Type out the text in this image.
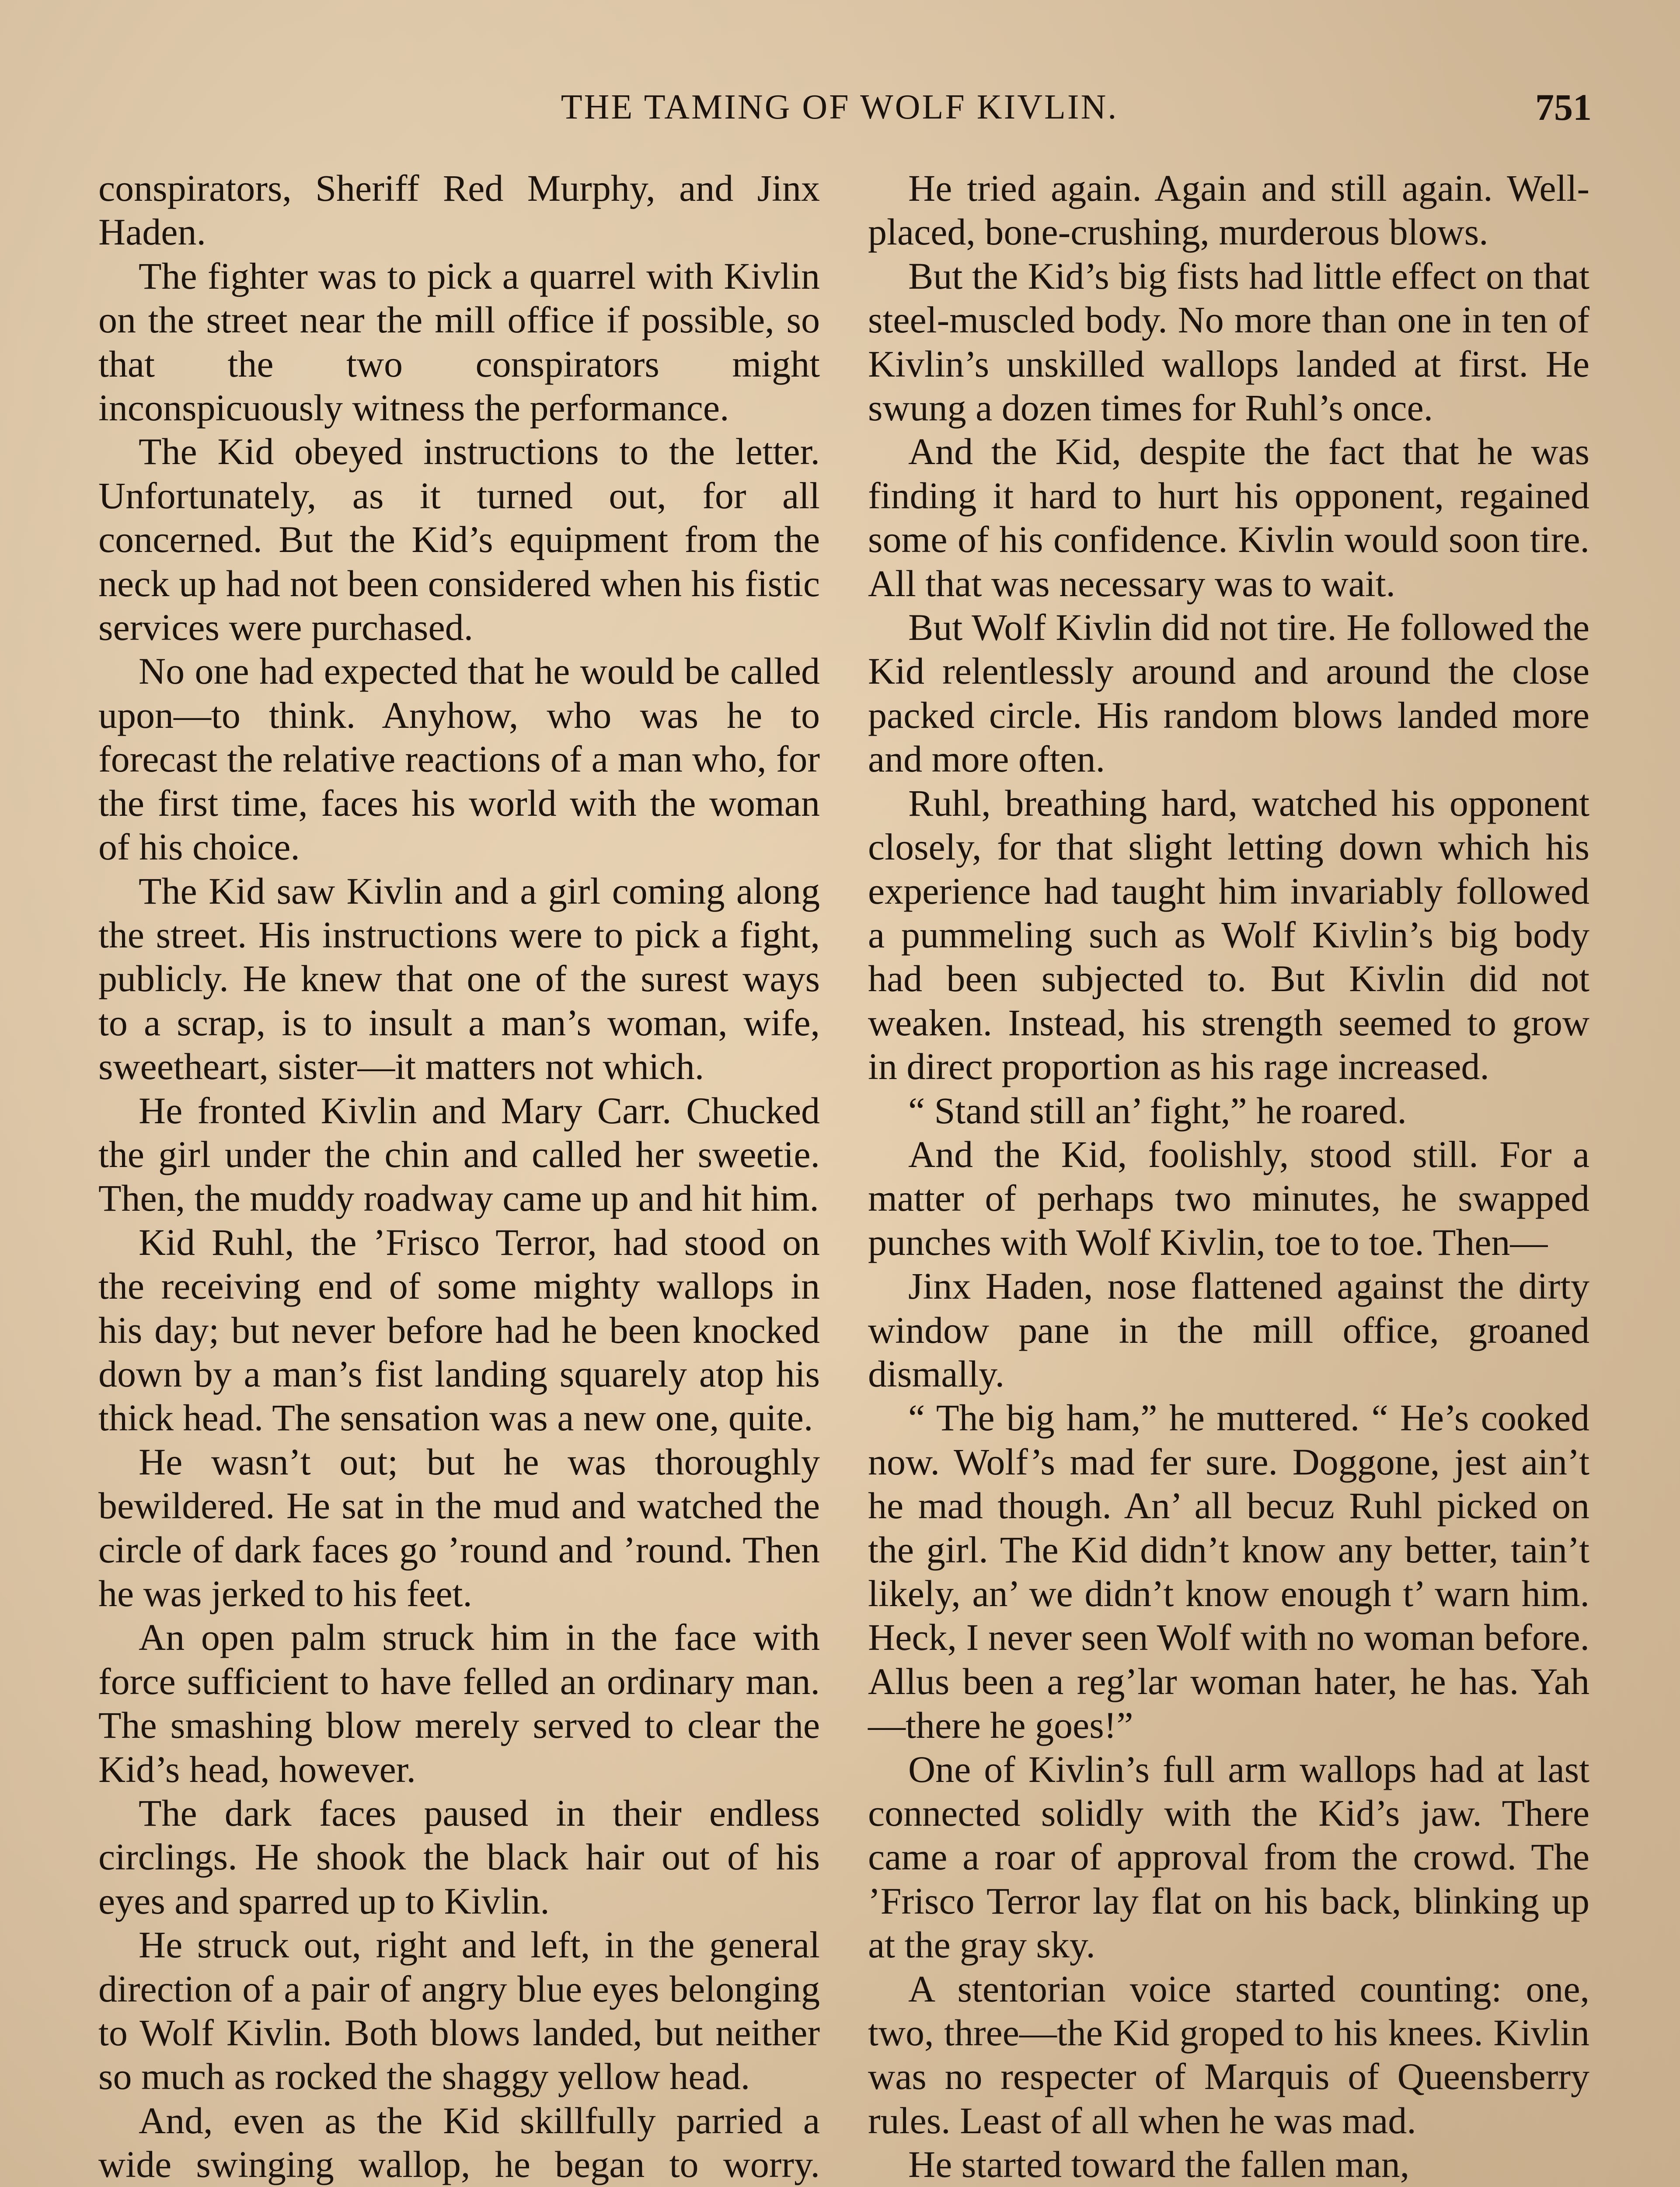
THE TAMING OF WOLF KIVLIN.	751

conspirators, Sheriff Red Murphy, and Jinx Haden.

The fighter was to pick a quarrel with Kivlin on the street near the mill office if possible, so that the two conspirators might inconspicuously witness the performance.

The Kid obeyed instructions to the letter. Unfortunately, as it turned out, for all concerned. But the Kid’s equipment from the neck up had not been considered when his fistic services were purchased.

No one had expected that he would be called upon—to think. Anyhow, who was he to forecast the relative reactions of a man who, for the first time, faces his world with the woman of his choice.

The Kid saw Kivlin and a girl coming along the street. His instructions were to pick a fight, publicly. He knew that one of the surest ways to a scrap, is to insult a man’s woman, wife, sweetheart, sister—it matters not which.

He fronted Kivlin and Mary Carr. Chucked the girl under the chin and called her sweetie. Then, the muddy roadway came up and hit him.

Kid Ruhl, the ’Frisco Terror, had stood on the receiving end of some mighty wallops in his day; but never before had he been knocked down by a man’s fist landing squarely atop his thick head. The sensation was a new one, quite.

He wasn’t out; but he was thoroughly bewildered. He sat in the mud and watched the circle of dark faces go ’round and ’round. Then he was jerked to his feet.

An open palm struck him in the face with force sufficient to have felled an ordinary man. The smashing blow merely served to clear the Kid’s head, however.

The dark faces paused in their endless circlings. He shook the black hair out of his eyes and sparred up to Kivlin.

He struck out, right and left, in the general direction of a pair of angry blue eyes belonging to Wolf Kivlin. Both blows landed, but neither so much as rocked the shaggy yellow head.

And, even as the Kid skillfully parried a wide swinging wallop, he began to worry.

He tried again. Again and still again. Well-placed, bone-crushing, murderous blows.

But the Kid’s big fists had little effect on that steel-muscled body. No more than one in ten of Kivlin’s unskilled wallops landed at first. He swung a dozen times for Ruhl’s once.

And the Kid, despite the fact that he was finding it hard to hurt his opponent, regained some of his confidence. Kivlin would soon tire. All that was necessary was to wait.

But Wolf Kivlin did not tire. He followed the Kid relentlessly around and around the close packed circle. His random blows landed more and more often.

Ruhl, breathing hard, watched his opponent closely, for that slight letting down which his experience had taught him invariably followed a pummeling such as Wolf Kivlin’s big body had been subjected to. But Kivlin did not weaken. Instead, his strength seemed to grow in direct proportion as his rage increased.

“ Stand still an’ fight,” he roared.

And the Kid, foolishly, stood still. For a matter of perhaps two minutes, he swapped punches with Wolf Kivlin, toe to toe. Then—

Jinx Haden, nose flattened against the dirty window pane in the mill office, groaned dismally.

“ The big ham,” he muttered. “ He’s cooked now. Wolf’s mad fer sure. Doggone, jest ain’t he mad though. An’ all becuz Ruhl picked on the girl. The Kid didn’t know any better, tain’t likely, an’ we didn’t know enough t’ warn him. Heck, I never seen Wolf with no woman before. Allus been a reg’lar woman hater, he has. Yah—there he goes!”

One of Kivlin’s full arm wallops had at last connected solidly with the Kid’s jaw. There came a roar of approval from the crowd. The ’Frisco Terror lay flat on his back, blinking up at the gray sky.

A stentorian voice started counting: one, two, three—the Kid groped to his knees. Kivlin was no respecter of Marquis of Queensberry rules. Least of all when he was mad.

He started toward the fallen man,
